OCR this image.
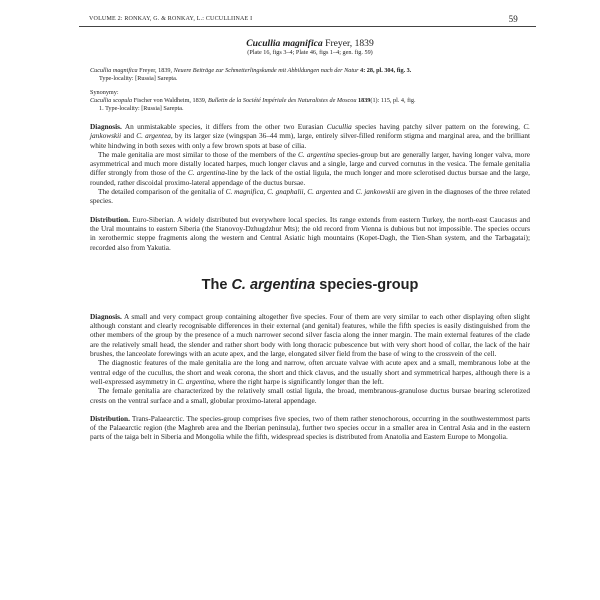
VOLUME 2: RONKAY, G. & RONKAY, L.: CUCULLIINAE I	59
Cucullia magnifica Freyer, 1839
(Plate 16, figs 3–4; Plate 46, figs 1–4; gen. fig. 59)
Cucullia magnifica Freyer, 1839, Neuere Beiträge zur Schmetterlingskunde mit Abbildungen nach der Natur 4: 28, pl. 304, fig. 3.
Type-locality: [Russia] Sarepta.
Synonymy:
Cucullia scopula Fischer von Waldheim, 1839, Bulletin de la Société Impériale des Naturalistes de Moscou 1839(1): 115, pl. 4, fig.
1. Type-locality: [Russia] Sarepta.

Diagnosis. An unmistakable species, it differs from the other two Eurasian Cucullia species having patchy silver pattern on the forewing, C. jankowskii and C. argentea, by its larger size (wingspan 36–44 mm), large, entirely silver-filled reniform stigma and marginal area, and the brilliant white hindwing in both sexes with only a few brown spots at base of cilia.

The male genitalia are most similar to those of the members of the C. argentina species-group but are generally larger, having longer valva, more asymmetrical and much more distally located harpes, much longer clavus and a single, large and curved cornutus in the vesica. The female genitalia differ strongly from those of the C. argentina-line by the lack of the ostial ligula, the much longer and more sclerotised ductus bursae and the large, rounded, rather discoidal proximo-lateral appendage of the ductus bursae.

The detailed comparison of the genitalia of C. magnifica, C. gnaphalii, C. argentea and C. jankowskii are given in the diagnoses of the three related species.

Distribution. Euro-Siberian. A widely distributed but everywhere local species. Its range extends from eastern Turkey, the north-east Caucasus and the Ural mountains to eastern Siberia (the Stanovoy-Dzhugdzhur Mts); the old record from Vienna is dubious but not impossible. The species occurs in xerothermic steppe fragments along the western and Central Asiatic high mountains (Kopet-Dagh, the Tien-Shan system, and the Tarbagatai); recorded also from Yakutia.

The C. argentina species-group

Diagnosis. A small and very compact group containing altogether five species. Four of them are very similar to each other displaying often slight although constant and clearly recognisable differences in their external (and genital) features, while the fifth species is easily distinguished from the other members of the group by the presence of a much narrower second silver fascia along the inner margin. The main external features of the clade are the relatively small head, the slender and rather short body with long thoracic pubescence but with very short hood of collar, the lack of the hair brushes, the lanceolate forewings with an acute apex, and the large, elongated silver field from the base of wing to the crossvein of the cell.

The diagnostic features of the male genitalia are the long and narrow, often arcuate valvae with acute apex and a small, membranous lobe at the ventral edge of the cucullus, the short and weak corona, the short and thick clavus, and the usually short and symmetrical harpes, although there is a well-expressed asymmetry in C. argentina, where the right harpe is significantly longer than the left.

The female genitalia are characterized by the relatively small ostial ligula, the broad, membranous-granulose ductus bursae bearing sclerotized crests on the ventral surface and a small, globular proximo-lateral appendage.

Distribution. Trans-Palaearctic. The species-group comprises five species, two of them rather stenochorous, occurring in the southwesternmost parts of the Palaearctic region (the Maghreb area and the Iberian peninsula), further two species occur in a smaller area in Central Asia and in the eastern parts of the taiga belt in Siberia and Mongolia while the fifth, widespread species is distributed from Anatolia and Eastern Europe to Mongolia.
